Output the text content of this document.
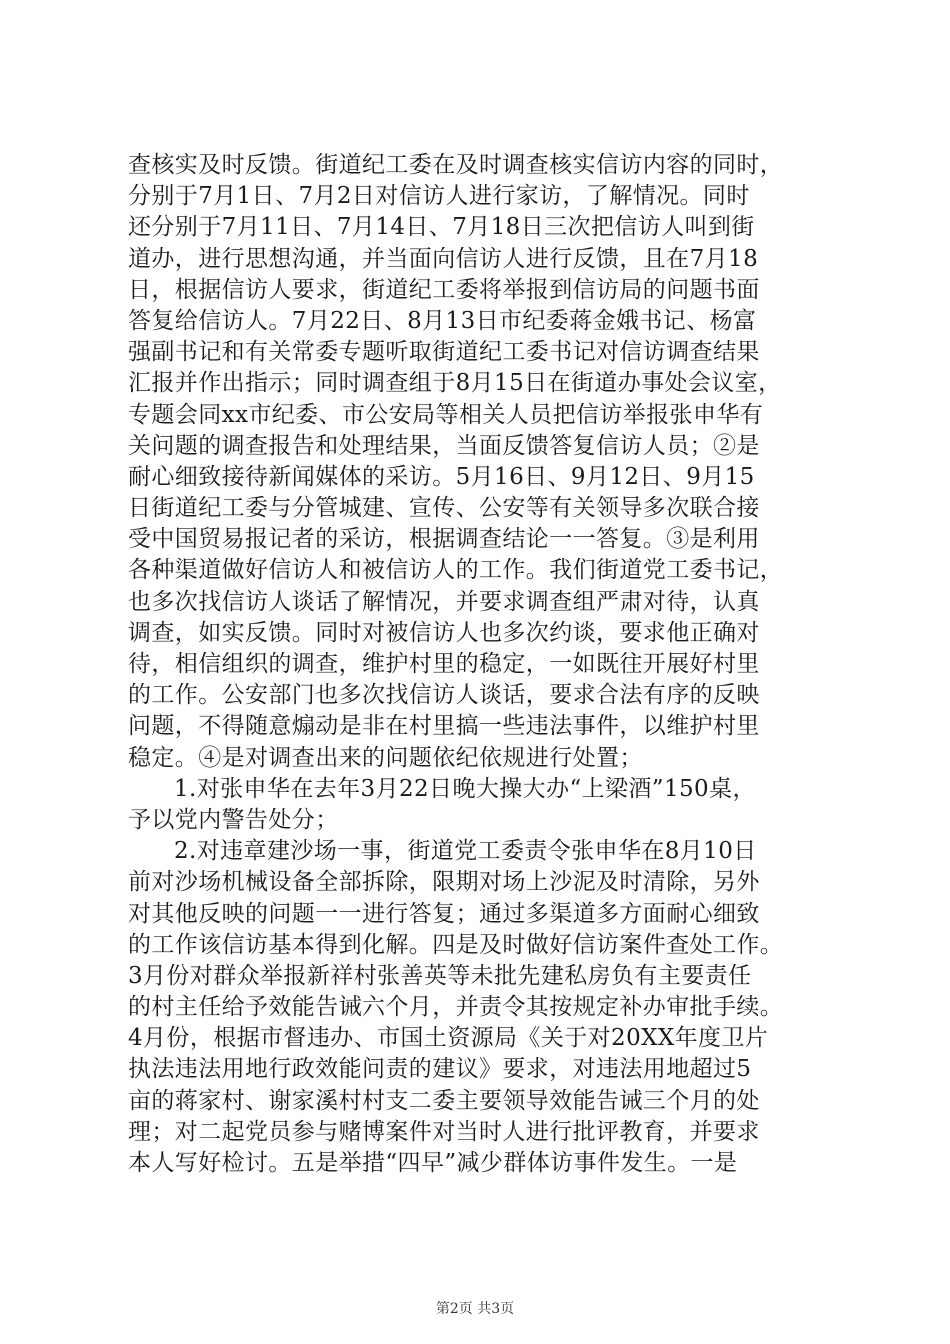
查核实及时反馈。街道纪工委在及时调查核实信访内容的同时，
分别于7月1日、7月2日对信访人进行家访，了解情况。同时
还分别于7月11日、7月14日、7月18日三次把信访人叫到街
道办，进行思想沟通，并当面向信访人进行反馈，且在7月18
日，根据信访人要求，街道纪工委将举报到信访局的问题书面
答复给信访人。7月22日、8月13日市纪委蒋金娥书记、杨富
强副书记和有关常委专题听取街道纪工委书记对信访调查结果
汇报并作出指示；同时调查组于8月15日在街道办事处会议室，
专题会同xx市纪委、市公安局等相关人员把信访举报张申华有
关问题的调查报告和处理结果，当面反馈答复信访人员；②是
耐心细致接待新闻媒体的采访。5月16日、9月12日、9月15
日街道纪工委与分管城建、宣传、公安等有关领导多次联合接
受中国贸易报记者的采访，根据调查结论一一答复。③是利用
各种渠道做好信访人和被信访人的工作。我们街道党工委书记，
也多次找信访人谈话了解情况，并要求调查组严肃对待，认真
调查，如实反馈。同时对被信访人也多次约谈，要求他正确对
待，相信组织的调查，维护村里的稳定，一如既往开展好村里
的工作。公安部门也多次找信访人谈话，要求合法有序的反映
问题，不得随意煽动是非在村里搞一些违法事件，以维护村里
稳定。④是对调查出来的问题依纪依规进行处置；
1.对张申华在去年3月22日晚大操大办“上梁酒”150桌，
予以党内警告处分；
2.对违章建沙场一事，街道党工委责令张申华在8月10日
前对沙场机械设备全部拆除，限期对场上沙泥及时清除，另外
对其他反映的问题一一进行答复；通过多渠道多方面耐心细致
的工作该信访基本得到化解。四是及时做好信访案件查处工作。
3月份对群众举报新祥村张善英等未批先建私房负有主要责任
的村主任给予效能告诫六个月，并责令其按规定补办审批手续。
4月份，根据市督违办、市国土资源局《关于对20XX年度卫片
执法违法用地行政效能问责的建议》要求，对违法用地超过5
亩的蒋家村、谢家溪村村支二委主要领导效能告诫三个月的处
理；对二起党员参与赌博案件对当时人进行批评教育，并要求
本人写好检讨。五是举措“四早”减少群体访事件发生。一是
第2页 共3页
